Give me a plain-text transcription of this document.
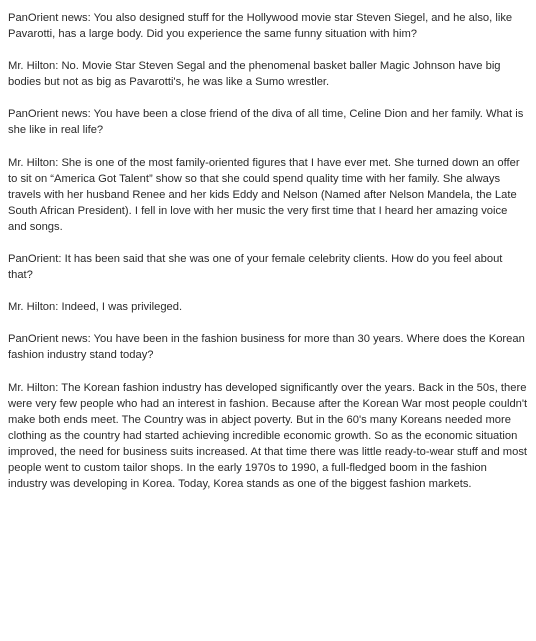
PanOrient news: You also designed stuff for the Hollywood movie star Steven Siegel, and he also, like Pavarotti, has a large body. Did you experience the same funny situation with him?

Mr. Hilton: No. Movie Star Steven Segal and the phenomenal basket baller Magic Johnson have big bodies but not as big as Pavarotti's, he was like a Sumo wrestler.

PanOrient news: You have been a close friend of the diva of all time, Celine Dion and her family. What is she like in real life?

Mr. Hilton: She is one of the most family-oriented figures that I have ever met. She turned down an offer to sit on “America Got Talent” show so that she could spend quality time with her family. She always travels with her husband Renee and her kids Eddy and Nelson (Named after Nelson Mandela, the Late South African President). I fell in love with her music the very first time that I heard her amazing voice and songs.

PanOrient: It has been said that she was one of your female celebrity clients. How do you feel about that?

Mr. Hilton: Indeed, I was privileged.

PanOrient news: You have been in the fashion business for more than 30 years. Where does the Korean fashion industry stand today?

Mr. Hilton: The Korean fashion industry has developed significantly over the years. Back in the 50s, there were very few people who had an interest in fashion. Because after the Korean War most people couldn't make both ends meet. The Country was in abject poverty. But in the 60's many Koreans needed more clothing as the country had started achieving incredible economic growth. So as the economic situation improved, the need for business suits increased. At that time there was little ready-to-wear stuff and most people went to custom tailor shops. In the early 1970s to 1990, a full-fledged boom in the fashion industry was developing in Korea. Today, Korea stands as one of the biggest fashion markets.
